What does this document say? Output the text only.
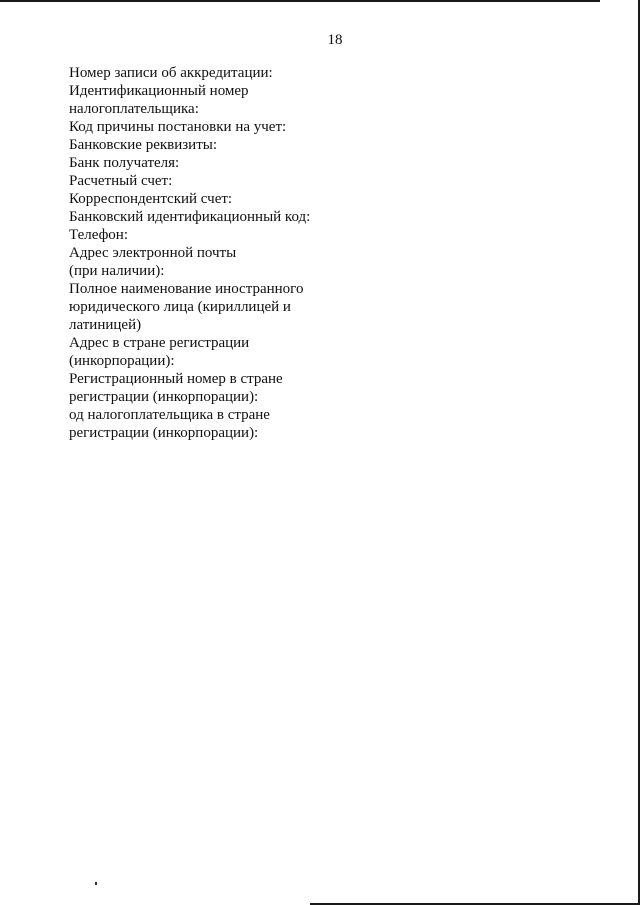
18
Номер записи об аккредитации:
Идентификационный номер
налогоплательщика:
Код причины постановки на учет:
Банковские реквизиты:
Банк получателя:
Расчетный счет:
Корреспондентский счет:
Банковский идентификационный код:
Телефон:
Адрес электронной почты
(при наличии):
Полное наименование иностранного
юридического лица (кириллицей и
латиницей)
Адрес в стране регистрации
(инкорпорации):
Регистрационный номер в стране
регистрации (инкорпорации):
од налогоплательщика в стране
регистрации (инкорпорации):
